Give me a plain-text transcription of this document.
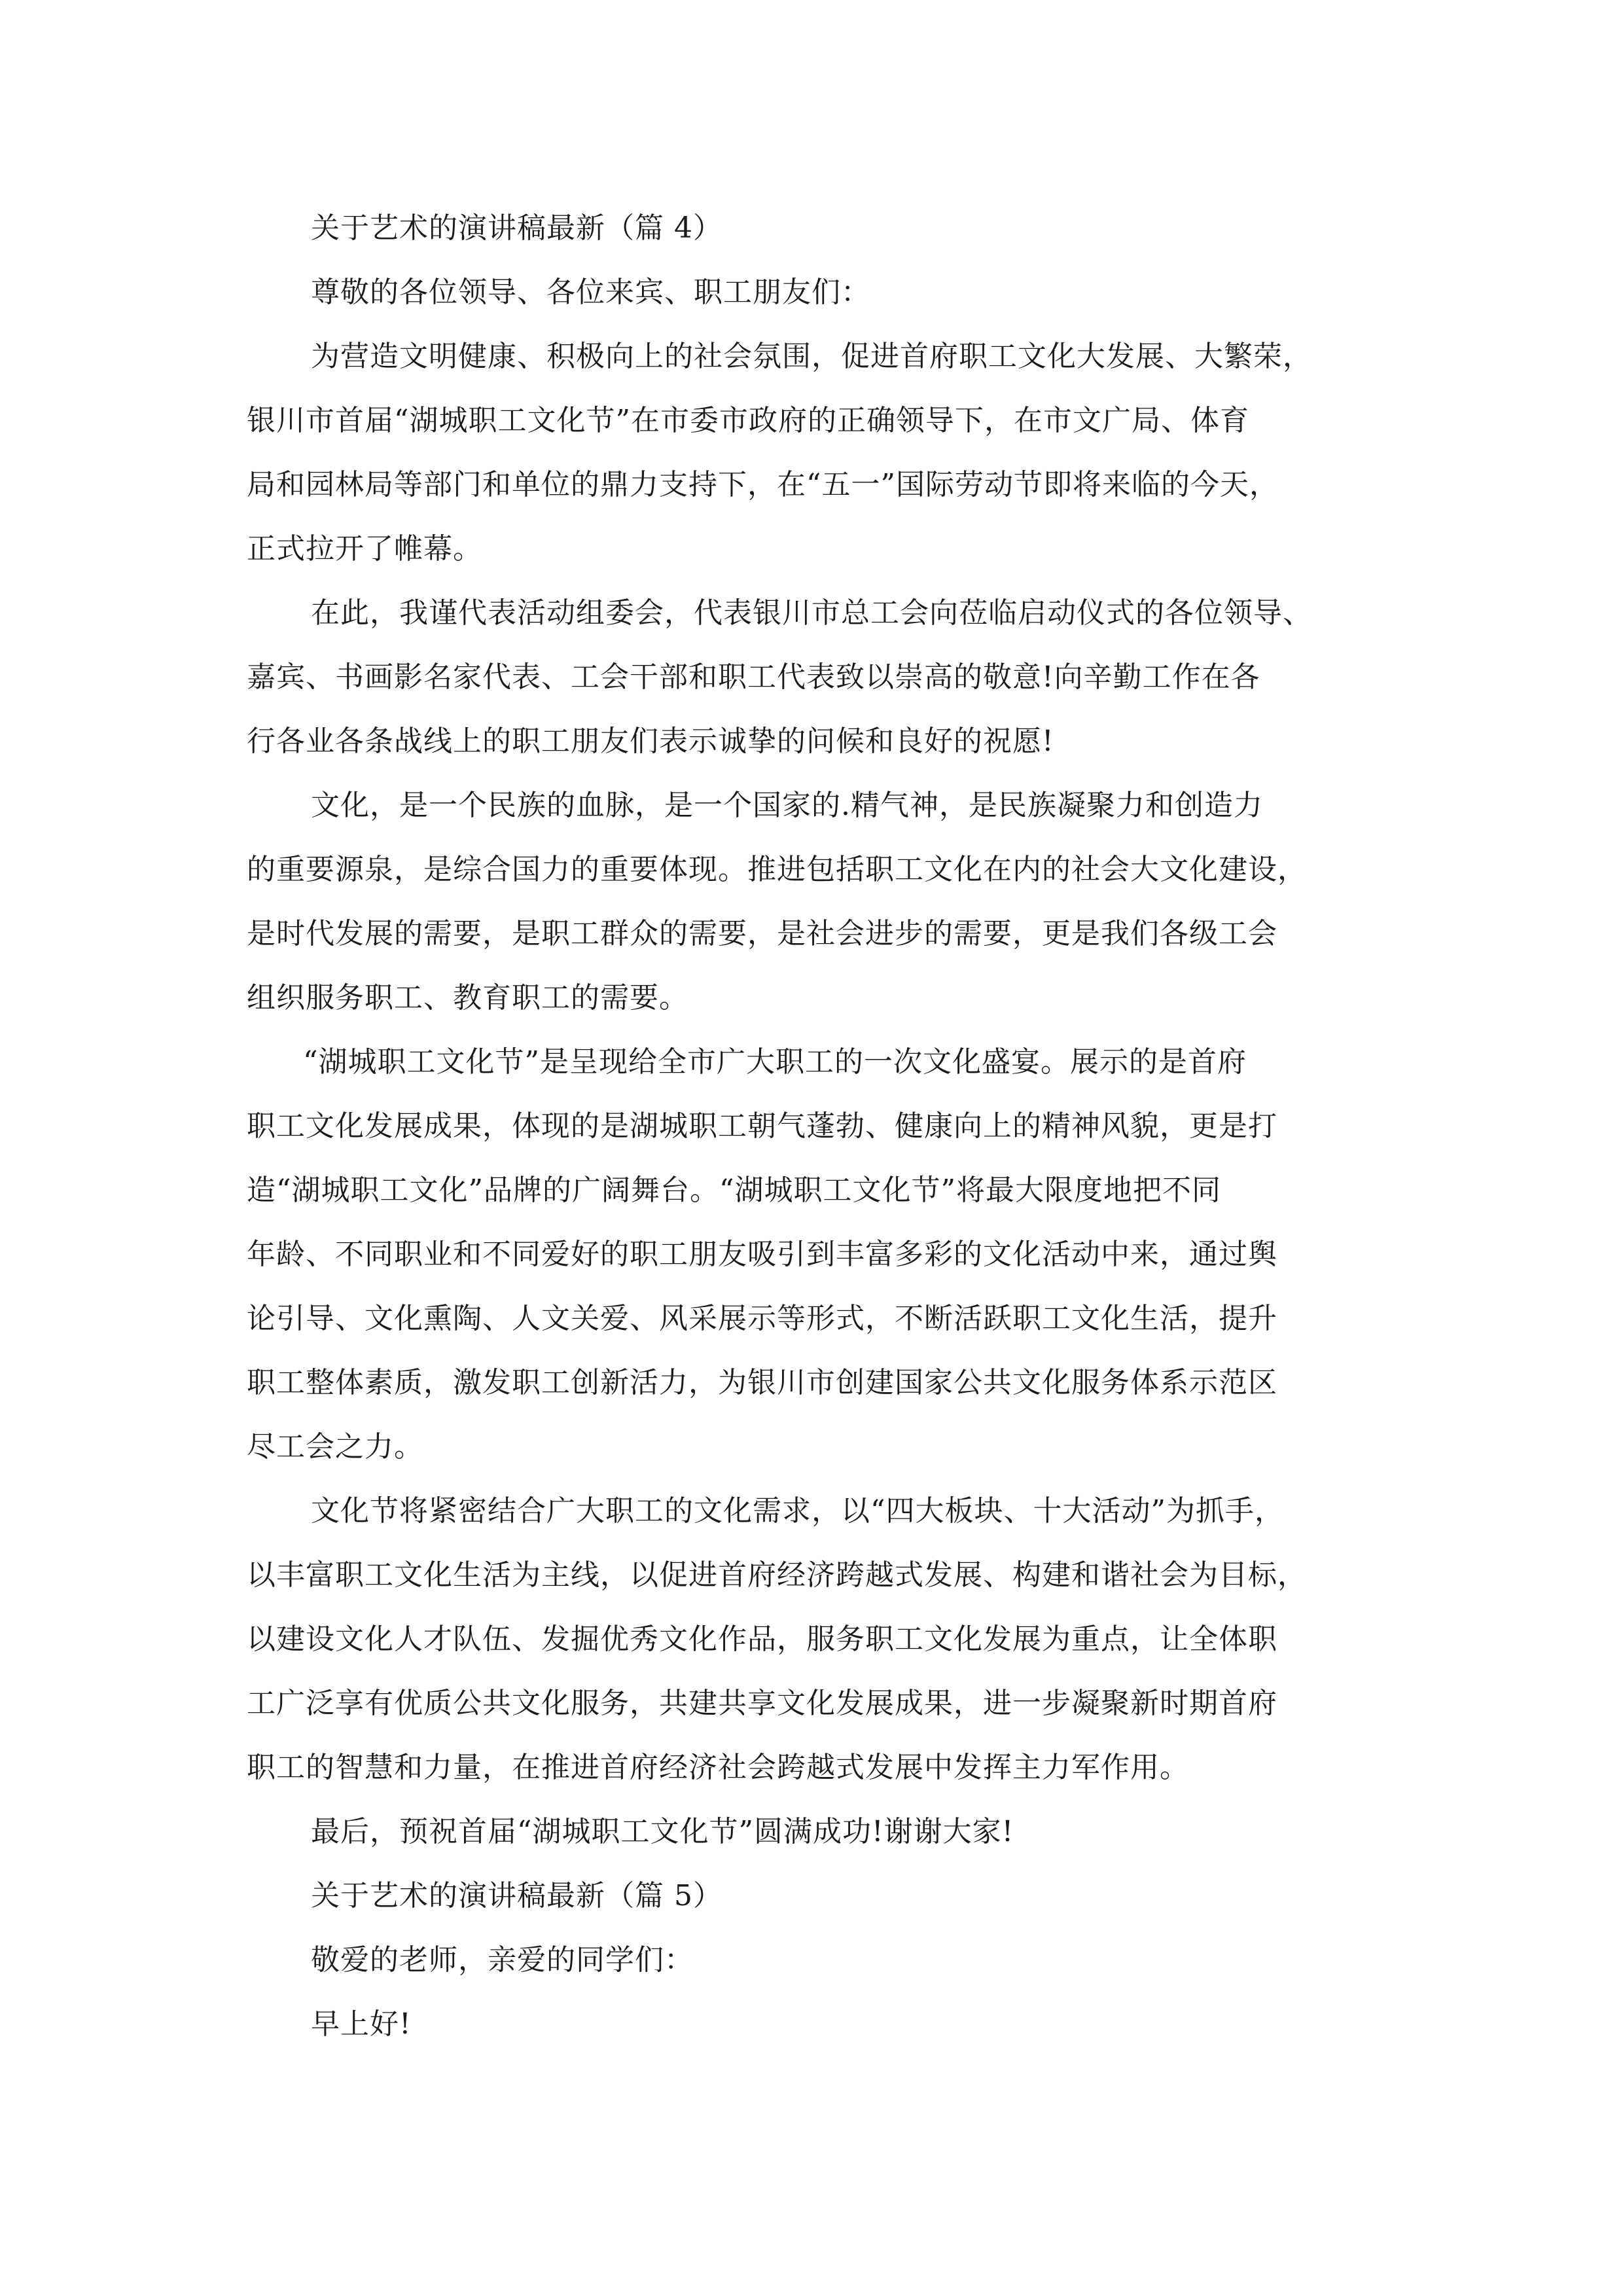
关于艺术的演讲稿最新（篇 4）

尊敬的各位领导、各位来宾、职工朋友们：

为营造文明健康、积极向上的社会氛围，促进首府职工文化大发展、大繁荣，

银川市首届“湖城职工文化节”在市委市政府的正确领导下，在市文广局、体育

局和园林局等部门和单位的鼎力支持下，在“五一”国际劳动节即将来临的今天，

正式拉开了帷幕。

在此，我谨代表活动组委会，代表银川市总工会向莅临启动仪式的各位领导、

嘉宾、书画影名家代表、工会干部和职工代表致以崇高的敬意!向辛勤工作在各

行各业各条战线上的职工朋友们表示诚挚的问候和良好的祝愿!

文化，是一个民族的血脉，是一个国家的.精气神，是民族凝聚力和创造力

的重要源泉，是综合国力的重要体现。推进包括职工文化在内的社会大文化建设，

是时代发展的需要，是职工群众的需要，是社会进步的需要，更是我们各级工会

组织服务职工、教育职工的需要。

“湖城职工文化节”是呈现给全市广大职工的一次文化盛宴。展示的是首府

职工文化发展成果，体现的是湖城职工朝气蓬勃、健康向上的精神风貌，更是打

造“湖城职工文化”品牌的广阔舞台。“湖城职工文化节”将最大限度地把不同

年龄、不同职业和不同爱好的职工朋友吸引到丰富多彩的文化活动中来，通过舆

论引导、文化熏陶、人文关爱、风采展示等形式，不断活跃职工文化生活，提升

职工整体素质，激发职工创新活力，为银川市创建国家公共文化服务体系示范区

尽工会之力。

文化节将紧密结合广大职工的文化需求，以“四大板块、十大活动”为抓手，

以丰富职工文化生活为主线，以促进首府经济跨越式发展、构建和谐社会为目标，

以建设文化人才队伍、发掘优秀文化作品，服务职工文化发展为重点，让全体职

工广泛享有优质公共文化服务，共建共享文化发展成果，进一步凝聚新时期首府

职工的智慧和力量，在推进首府经济社会跨越式发展中发挥主力军作用。

最后，预祝首届“湖城职工文化节”圆满成功!谢谢大家!

关于艺术的演讲稿最新（篇 5）

敬爱的老师，亲爱的同学们：

早上好!
